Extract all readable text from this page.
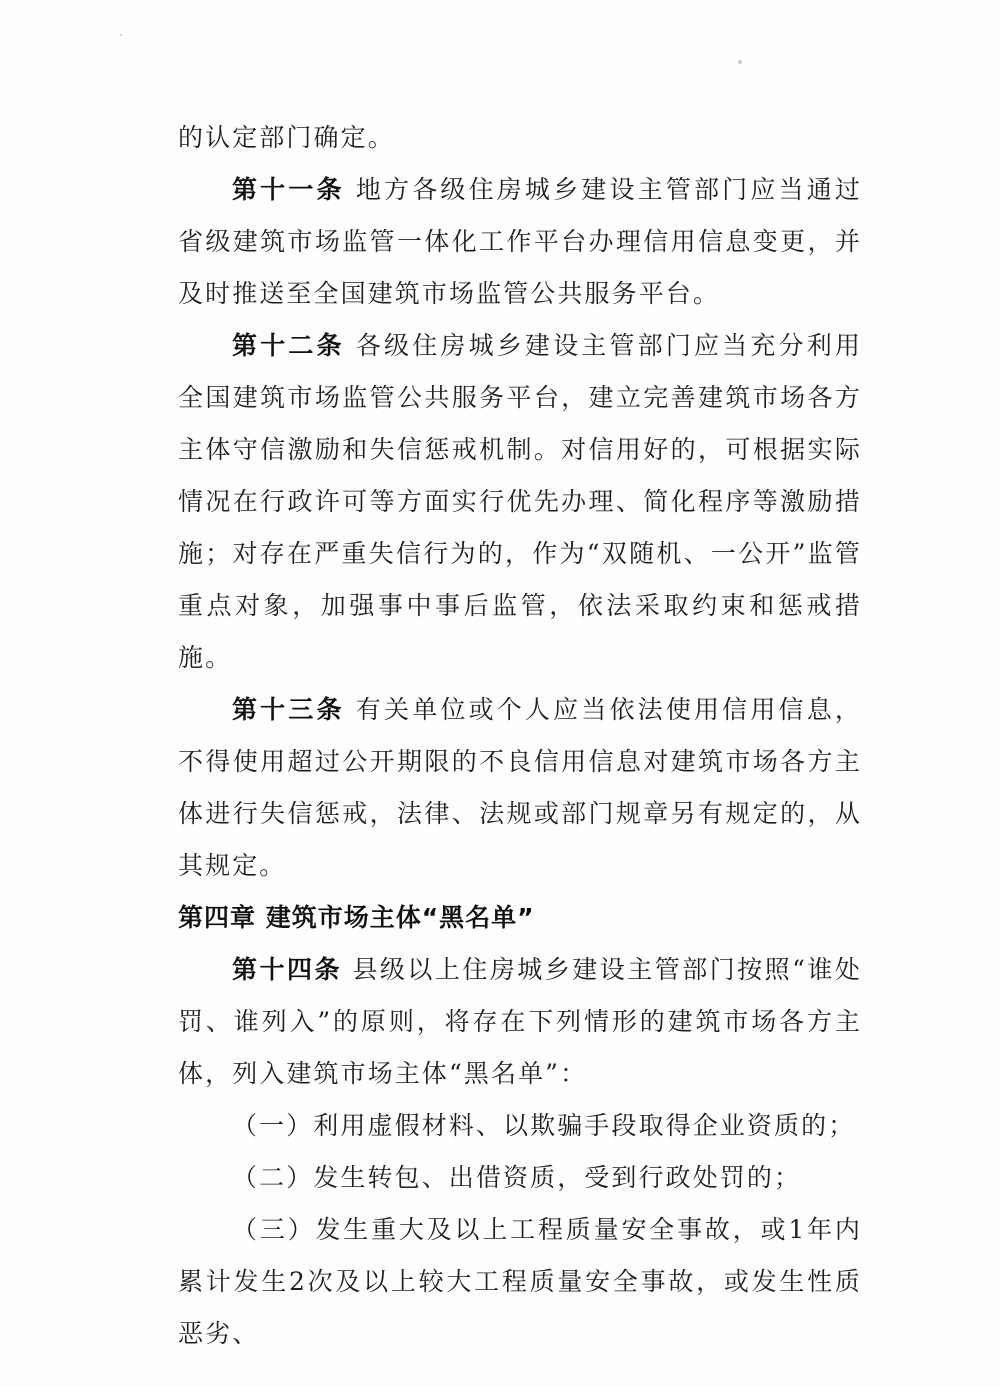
的认定部门确定。

第十一条 地方各级住房城乡建设主管部门应当通过省级建筑市场监管一体化工作平台办理信用信息变更，并及时推送至全国建筑市场监管公共服务平台。

第十二条 各级住房城乡建设主管部门应当充分利用全国建筑市场监管公共服务平台，建立完善建筑市场各方主体守信激励和失信惩戒机制。对信用好的，可根据实际情况在行政许可等方面实行优先办理、简化程序等激励措施；对存在严重失信行为的，作为“双随机、一公开”监管重点对象，加强事中事后监管，依法采取约束和惩戒措施。

第十三条 有关单位或个人应当依法使用信用信息，不得使用超过公开期限的不良信用信息对建筑市场各方主体进行失信惩戒，法律、法规或部门规章另有规定的，从其规定。

第四章 建筑市场主体“黑名单”

第十四条 县级以上住房城乡建设主管部门按照“谁处罚、谁列入”的原则，将存在下列情形的建筑市场各方主体，列入建筑市场主体“黑名单”：

（一）利用虚假材料、以欺骗手段取得企业资质的；

（二）发生转包、出借资质，受到行政处罚的；

（三）发生重大及以上工程质量安全事故，或1年内累计发生2次及以上较大工程质量安全事故，或发生性质恶劣、
